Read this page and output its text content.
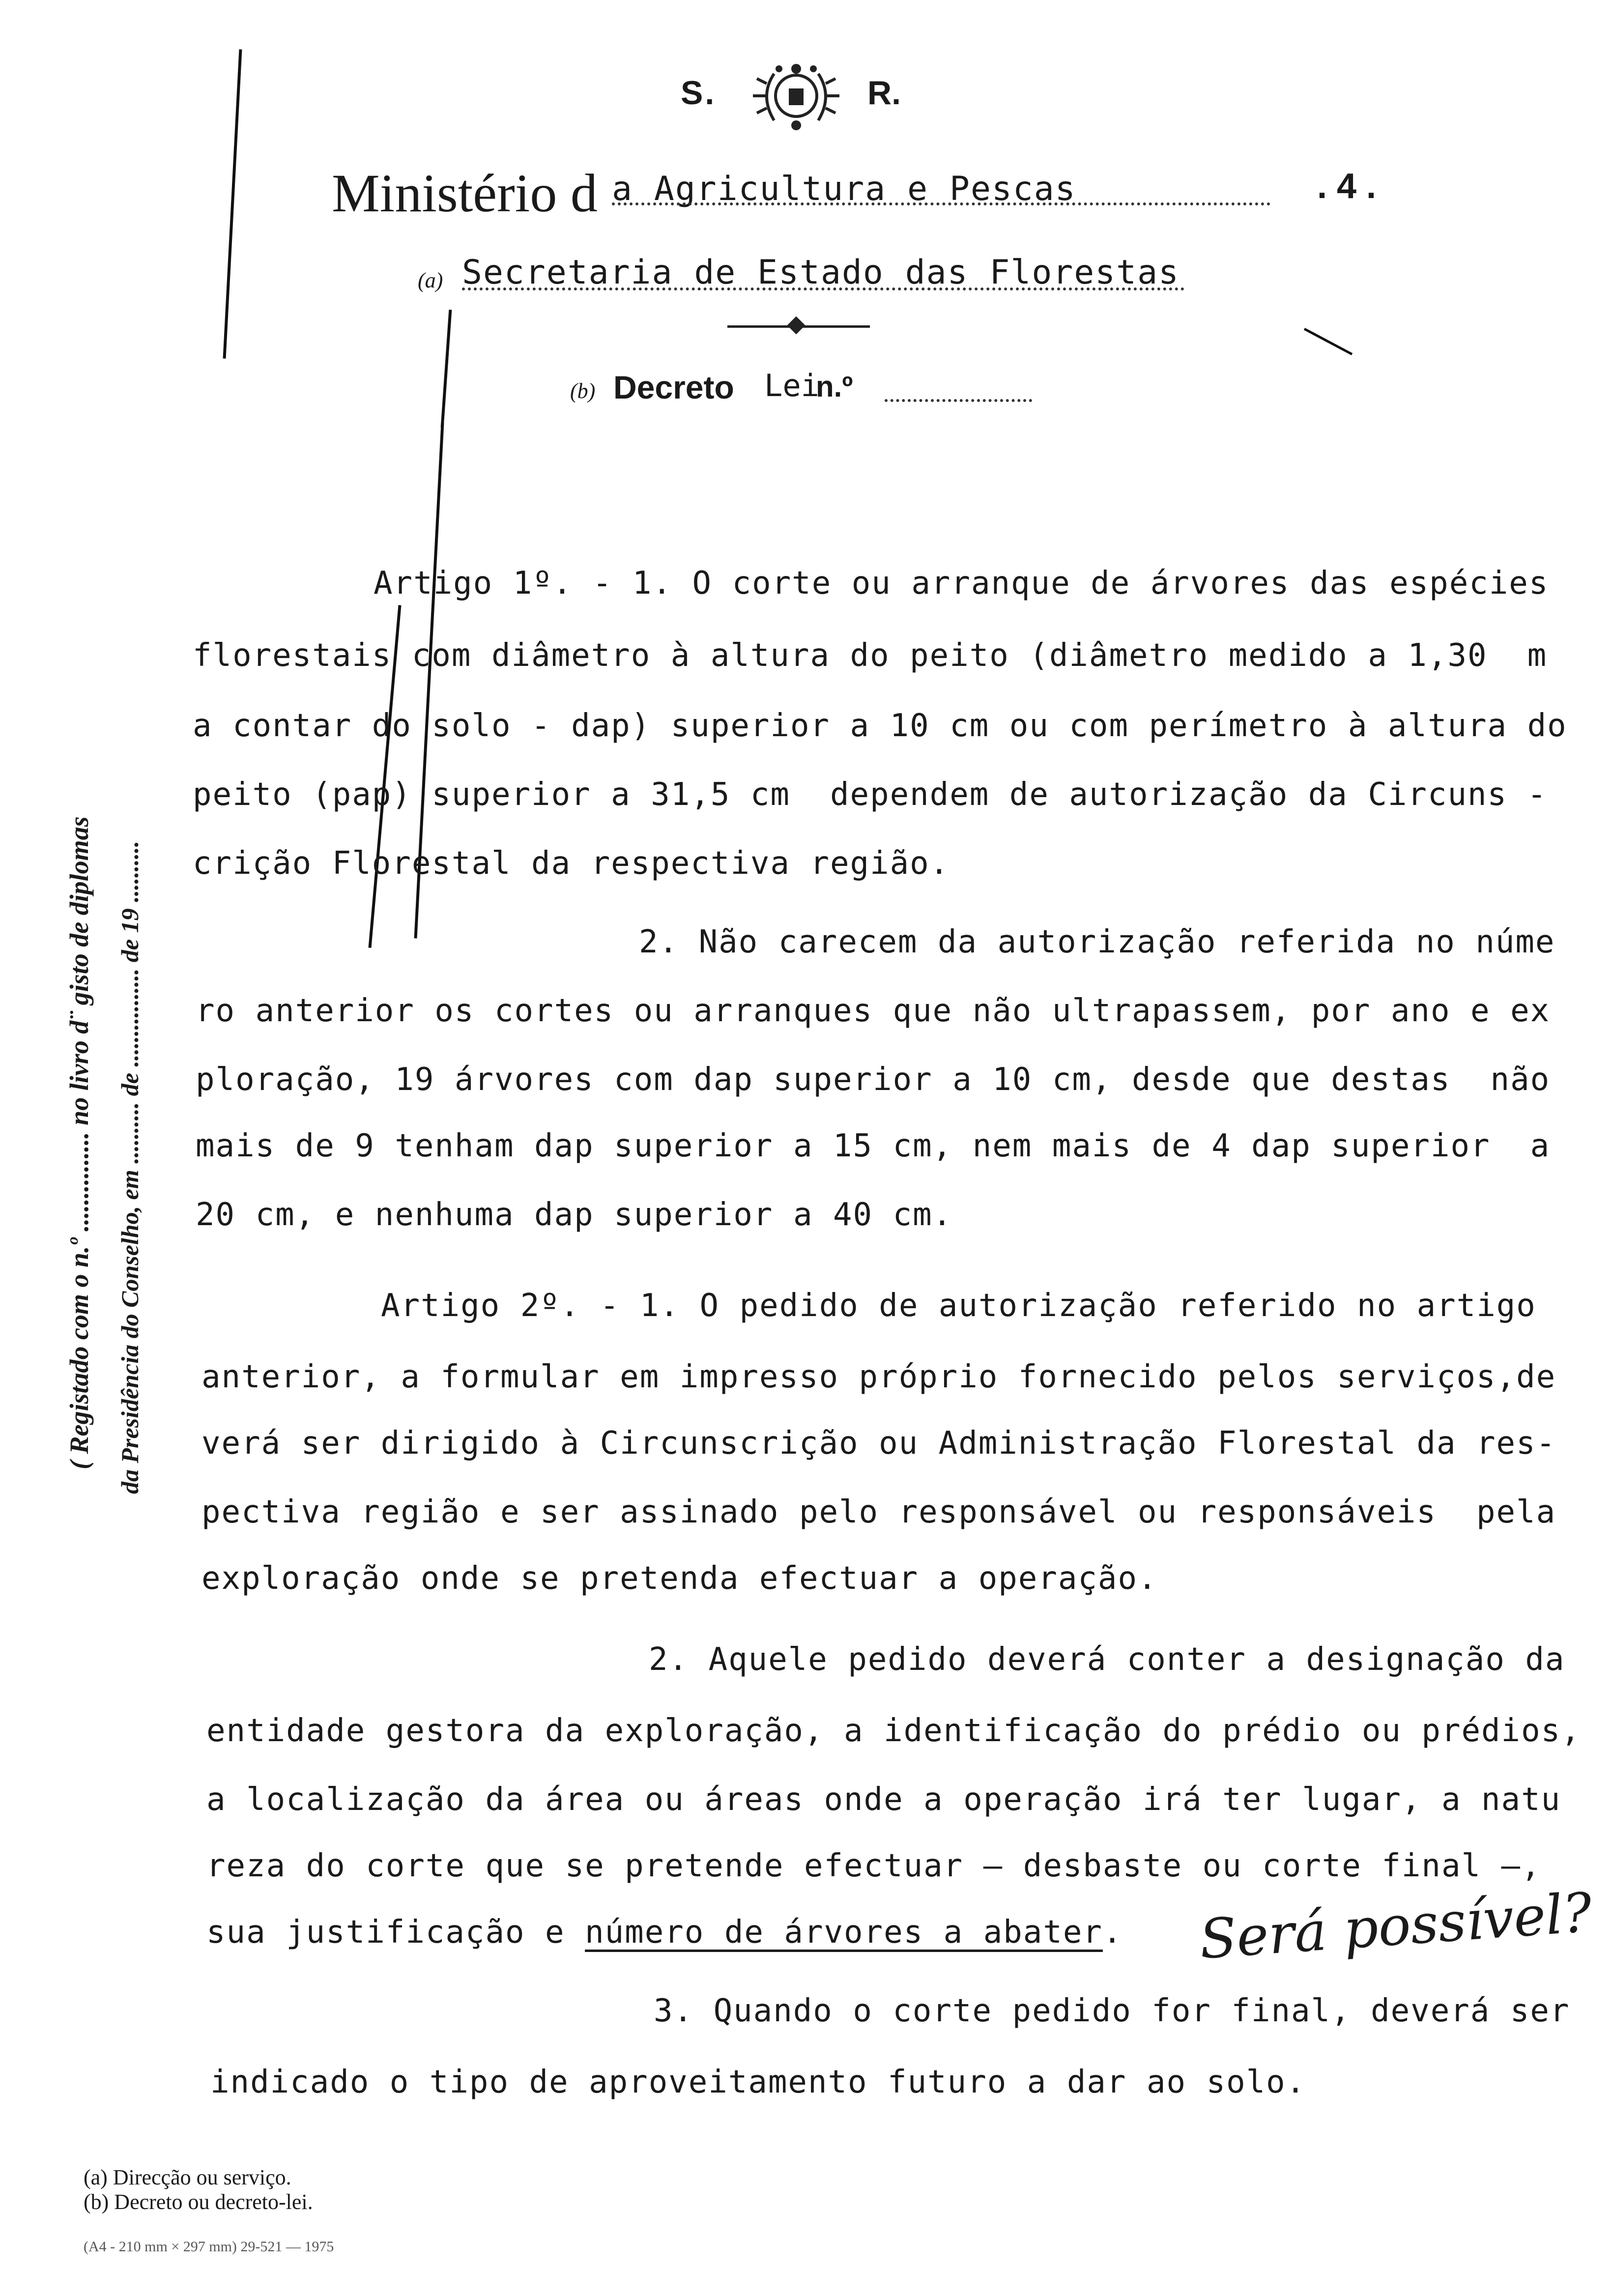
S.	R.
Ministério d a Agricultura e Pescas	. 4 .
(a) Secretaria de Estado das Florestas
(b) Decreto Lei
n.º
( Registado com o n.º ............... no livro d¨ gisto de diplomas da Presidência do Conselho, em .......... de ................ de 19 ..........
Artigo 1º. - 1. O corte ou arranque de árvores das espécies
florestais com diâmetro à altura do peito (diâmetro medido a 1,30  m
a contar do solo - dap) superior a 10 cm ou com perímetro à altura do
peito (pap) superior a 31,5 cm  dependem de autorização da Circuns -
crição Florestal da respectiva região.
2. Não carecem da autorização referida no núme
ro anterior os cortes ou arranques que não ultrapassem, por ano e ex
ploração, 19 árvores com dap superior a 10 cm, desde que destas  não
mais de 9 tenham dap superior a 15 cm, nem mais de 4 dap superior  a
20 cm, e nenhuma dap superior a 40 cm.
Artigo 2º. - 1. O pedido de autorização referido no artigo
anterior, a formular em impresso próprio fornecido pelos serviços,de
verá ser dirigido à Circunscrição ou Administração Florestal da res-
pectiva região e ser assinado pelo responsável ou responsáveis  pela
exploração onde se pretenda efectuar a operação.
2. Aquele pedido deverá conter a designação da
entidade gestora da exploração, a identificação do prédio ou prédios,
a localização da área ou áreas onde a operação irá ter lugar, a natu
reza do corte que se pretende efectuar — desbaste ou corte final —,
sua justificação e número de árvores a abater. Será possível?
3. Quando o corte pedido for final, deverá ser
indicado o tipo de aproveitamento futuro a dar ao solo.
(a) Direcção ou serviço.
(b) Decreto ou decreto-lei.
(A4 - 210 mm × 297 mm) 29-521 — 1975
